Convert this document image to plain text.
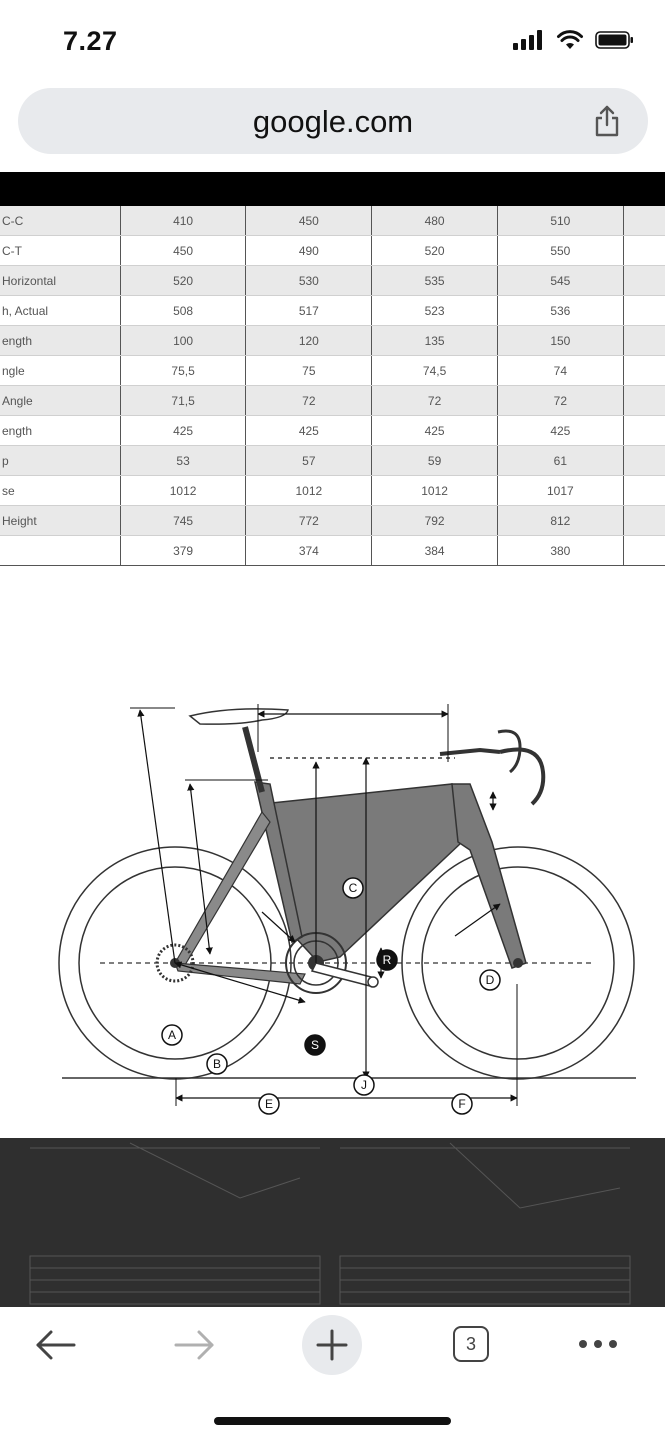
7.27
google.com
C-C	410	450	480	510	
C-T	450	490	520	550	
Horizontal	520	530	535	545	
h, Actual	508	517	523	536	
ength	100	120	135	150	
ngle	75,5	75	74,5	74	
Angle	71,5	72	72	72	
ength	425	425	425	425	
p	53	57	59	61	
se	1012	1012	1012	1017	
Height	745	772	792	812	
	379	374	384	380	
A
B
C
D
E	F
J
R
S
3
